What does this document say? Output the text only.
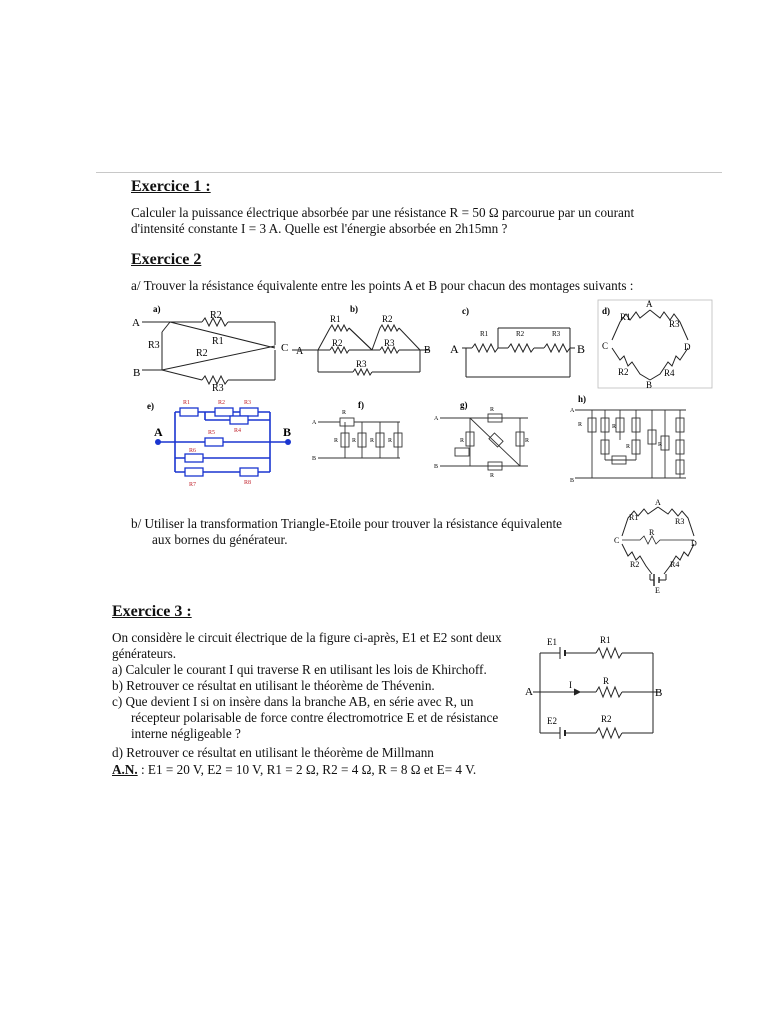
Exercice 1 :
Calculer la puissance électrique absorbée par une résistance R = 50 Ω parcourue par un courant
d'intensité constante I = 3 A. Quelle est l'énergie absorbée en 2h15mn ?
Exercice 2
a/ Trouver la résistance équivalente entre les points A et B pour chacun des montages suivants :
a)
A
B
C
R2
R1
R2
R3
R3
b)
A	B
R1	R2
R2	R3
R3
c)
A	B
R1	R2	R3
d)
A
C	D
B
R1
R3
R2	R4
e)
A	B
R1	R2	R3
R4
R5
R6
R7	R8
f)
A
B
R
R R R R
g)
A
B
R
R	R
R
h)
A
B
R	R
R	R
A
C	D
E
R1	R3
R
R2	R4
E1	R1
I	R
A	B
E2	R2
b/ Utiliser la transformation Triangle-Etoile pour trouver la résistance équivalente
aux bornes du générateur.
Exercice 3 :
On considère le circuit électrique de la figure ci-après, E1 et E2 sont deux
générateurs.
a) Calculer le courant I qui traverse R en utilisant les lois de Khirchoff.
b) Retrouver ce résultat en utilisant le théorème de Thévenin.
c) Que devient I si on insère dans la branche AB, en série avec R, un
récepteur polarisable de force contre électromotrice E et de résistance
interne négligeable ?
d) Retrouver ce résultat en utilisant le théorème de Millmann
A.N. : E1 = 20 V, E2 = 10 V, R1 = 2 Ω, R2 = 4 Ω, R = 8 Ω et E= 4 V.
